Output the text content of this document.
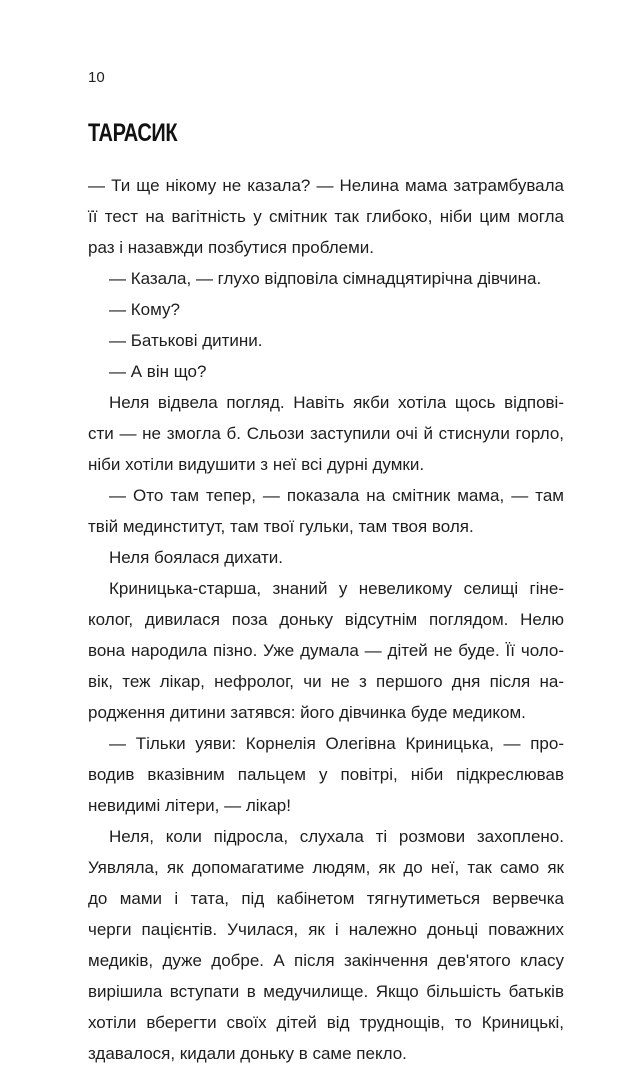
10
ТАРАСИК
— Ти ще нікому не казала? — Нелина мама затрамбувала
її тест на вагітність у смітник так глибоко, ніби цим могла
раз і назавжди позбутися проблеми.
— Казала, — глухо відповіла сімнадцятирічна дівчина.
— Кому?
— Батькові дитини.
— А він що?
Неля відвела погляд. Навіть якби хотіла щось відпові-
сти — не змогла б. Сльози заступили очі й стиснули горло,
ніби хотіли видушити з неї всі дурні думки.
— Ото там тепер, — показала на смітник мама, — там
твій мединститут, там твої гульки, там твоя воля.
Неля боялася дихати.
Криницька-старша, знаний у невеликому селищі гіне-
колог, дивилася поза доньку відсутнім поглядом. Нелю
вона народила пізно. Уже думала — дітей не буде. Її чоло-
вік, теж лікар, нефролог, чи не з першого дня після на-
родження дитини затявся: його дівчинка буде медиком.
— Тільки уяви: Корнелія Олегівна Криницька, — про-
водив вказівним пальцем у повітрі, ніби підкреслював
невидимі літери, — лікар!
Неля, коли підросла, слухала ті розмови захоплено.
Уявляла, як допомагатиме людям, як до неї, так само як
до мами і тата, під кабінетом тягнутиметься вервечка
черги пацієнтів. Училася, як і належно доньці поважних
медиків, дуже добре. А після закінчення дев'ятого класу
вирішила вступати в медучилище. Якщо більшість батьків
хотіли вберегти своїх дітей від труднощів, то Криницькі,
здавалося, кидали доньку в саме пекло.
